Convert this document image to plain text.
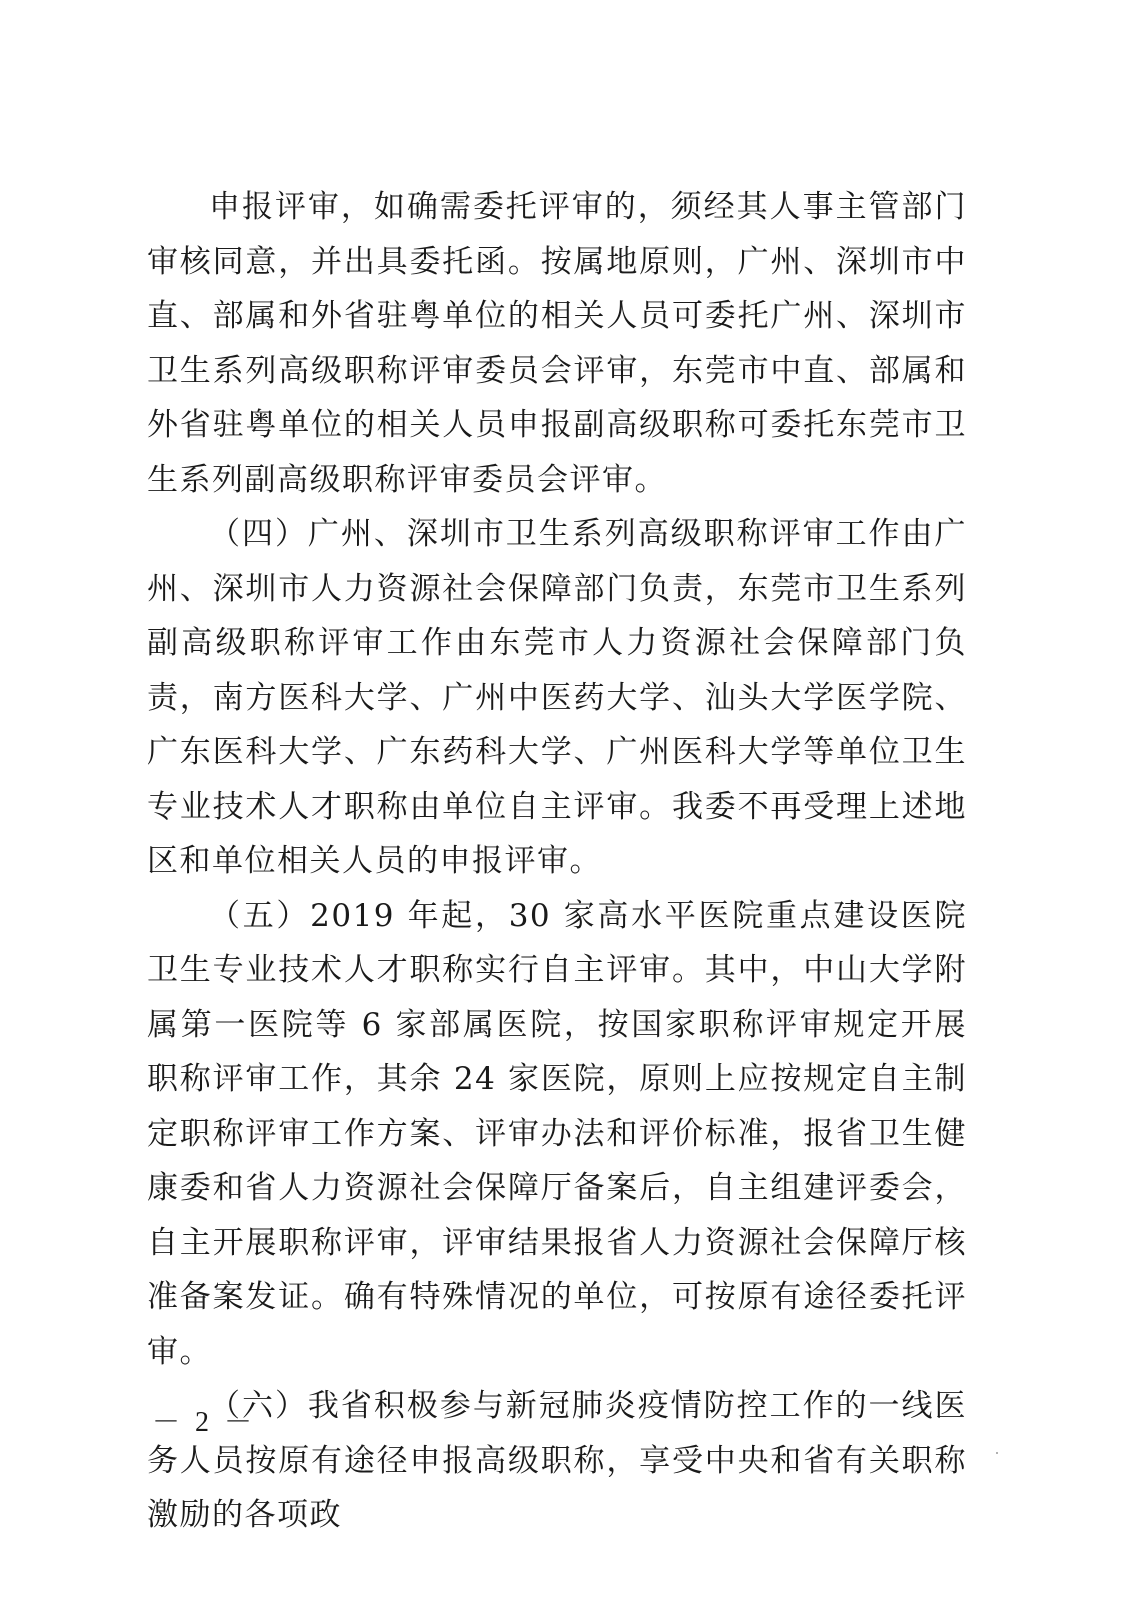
申报评审，如确需委托评审的，须经其人事主管部门审核同意，并出具委托函。按属地原则，广州、深圳市中直、部属和外省驻粤单位的相关人员可委托广州、深圳市卫生系列高级职称评审委员会评审，东莞市中直、部属和外省驻粤单位的相关人员申报副高级职称可委托东莞市卫生系列副高级职称评审委员会评审。

（四）广州、深圳市卫生系列高级职称评审工作由广州、深圳市人力资源社会保障部门负责，东莞市卫生系列副高级职称评审工作由东莞市人力资源社会保障部门负责，南方医科大学、广州中医药大学、汕头大学医学院、广东医科大学、广东药科大学、广州医科大学等单位卫生专业技术人才职称由单位自主评审。我委不再受理上述地区和单位相关人员的申报评审。

（五）2019 年起，30 家高水平医院重点建设医院卫生专业技术人才职称实行自主评审。其中，中山大学附属第一医院等 6 家部属医院，按国家职称评审规定开展职称评审工作，其余 24 家医院，原则上应按规定自主制定职称评审工作方案、评审办法和评价标准，报省卫生健康委和省人力资源社会保障厅备案后，自主组建评委会，自主开展职称评审，评审结果报省人力资源社会保障厅核准备案发证。确有特殊情况的单位，可按原有途径委托评审。

（六）我省积极参与新冠肺炎疫情防控工作的一线医务人员按原有途径申报高级职称，享受中央和省有关职称激励的各项政

－ 2 －
